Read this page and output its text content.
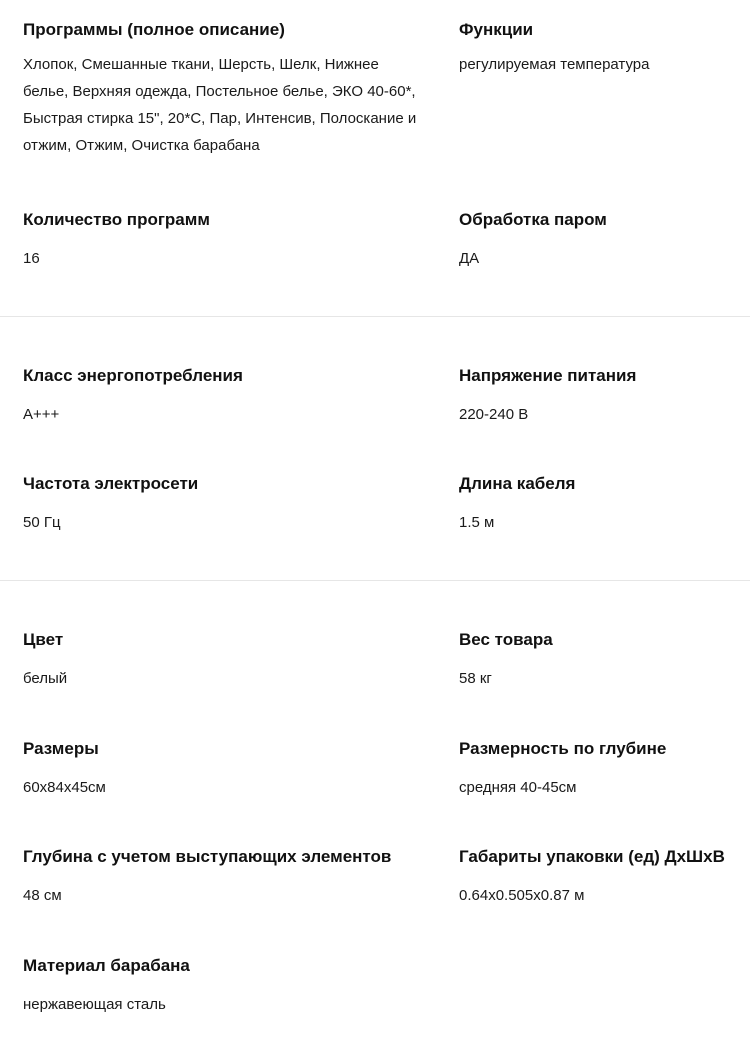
Программы (полное описание)
Хлопок, Смешанные ткани, Шерсть, Шелк, Нижнее белье, Верхняя одежда, Постельное белье, ЭКО 40-60*, Быстрая стирка 15", 20*С, Пар, Интенсив, Полоскание и отжим, Отжим, Очистка барабана
Функции
регулируемая температура
Количество программ
16
Обработка паром
ДА
Класс энергопотребления
A+++
Напряжение питания
220-240 В
Частота электросети
50 Гц
Длина кабеля
1.5 м
Цвет
белый
Вес товара
58 кг
Размеры
60x84x45см
Размерность по глубине
средняя 40-45см
Глубина с учетом выступающих элементов
48 см
Габариты упаковки (ед) ДхШхВ
0.64x0.505x0.87 м
Материал барабана
нержавеющая сталь
